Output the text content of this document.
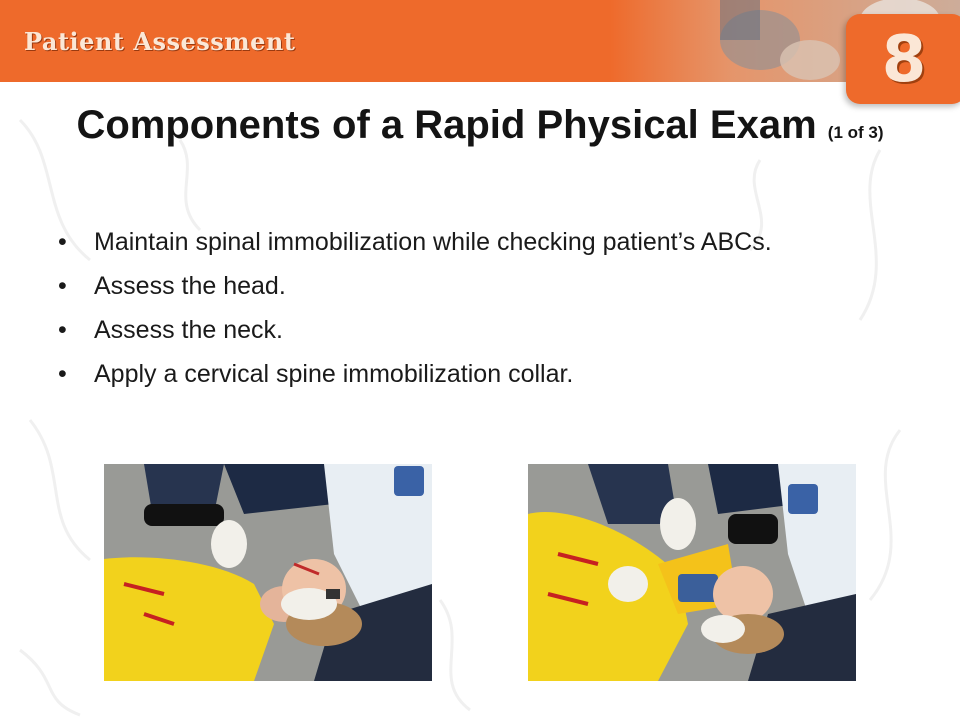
Patient Assessment	8
Components of a Rapid Physical Exam (1 of 3)
• Maintain spinal immobilization while checking patient’s ABCs.
• Assess the head.
• Assess the neck.
• Apply a cervical spine immobilization collar.
